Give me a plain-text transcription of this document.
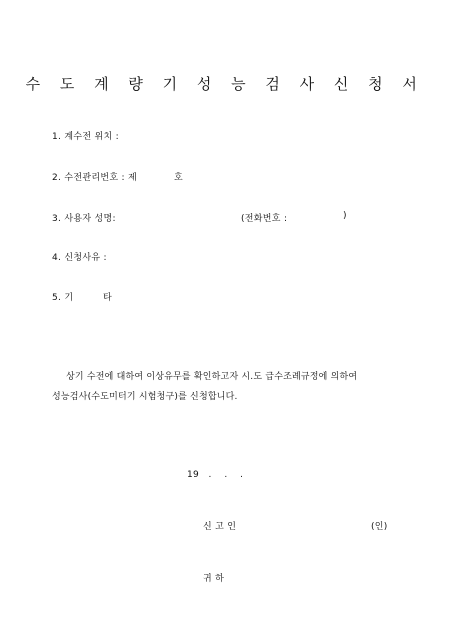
수 도 계 량 기 성 능 검 사 신 청 서
1. 계수전 위치 :
2. 수전관리번호 : 제	호
3. 사용자 성명:	(전화번호 :	)
4. 신청사유 :
5. 기	타
상기 수전에 대하여 이상유무를 확인하고자 시.도 급수조례규정에 의하여
성능검사(수도미터기 시험청구)를 신청합니다.
19   .    .    .
신 고 인	(인)
귀 하
